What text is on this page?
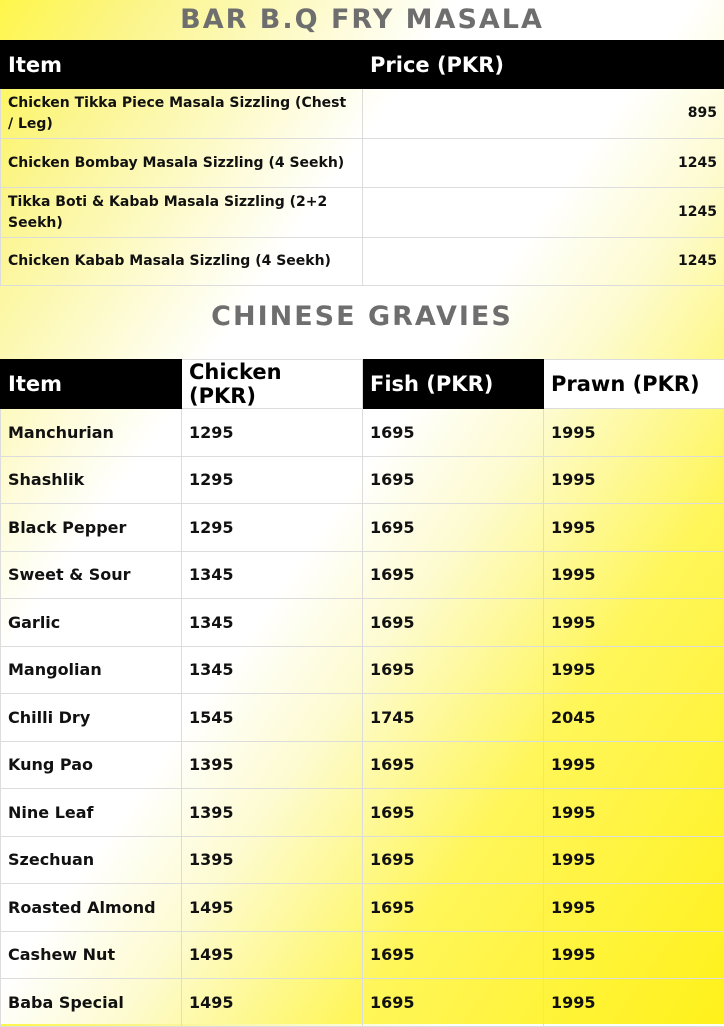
BAR B.Q FRY MASALA
Item	Price (PKR)
Chicken Tikka Piece Masala Sizzling (Chest / Leg)	895
Chicken Bombay Masala Sizzling (4 Seekh)	1245
Tikka Boti & Kabab Masala Sizzling (2+2 Seekh)	1245
Chicken Kabab Masala Sizzling (4 Seekh)	1245
CHINESE GRAVIES
Item	Chicken (PKR)	Fish (PKR)	Prawn (PKR)
Manchurian	1295	1695	1995
Shashlik	1295	1695	1995
Black Pepper	1295	1695	1995
Sweet & Sour	1345	1695	1995
Garlic	1345	1695	1995
Mangolian	1345	1695	1995
Chilli Dry	1545	1745	2045
Kung Pao	1395	1695	1995
Nine Leaf	1395	1695	1995
Szechuan	1395	1695	1995
Roasted Almond	1495	1695	1995
Cashew Nut	1495	1695	1995
Baba Special	1495	1695	1995
